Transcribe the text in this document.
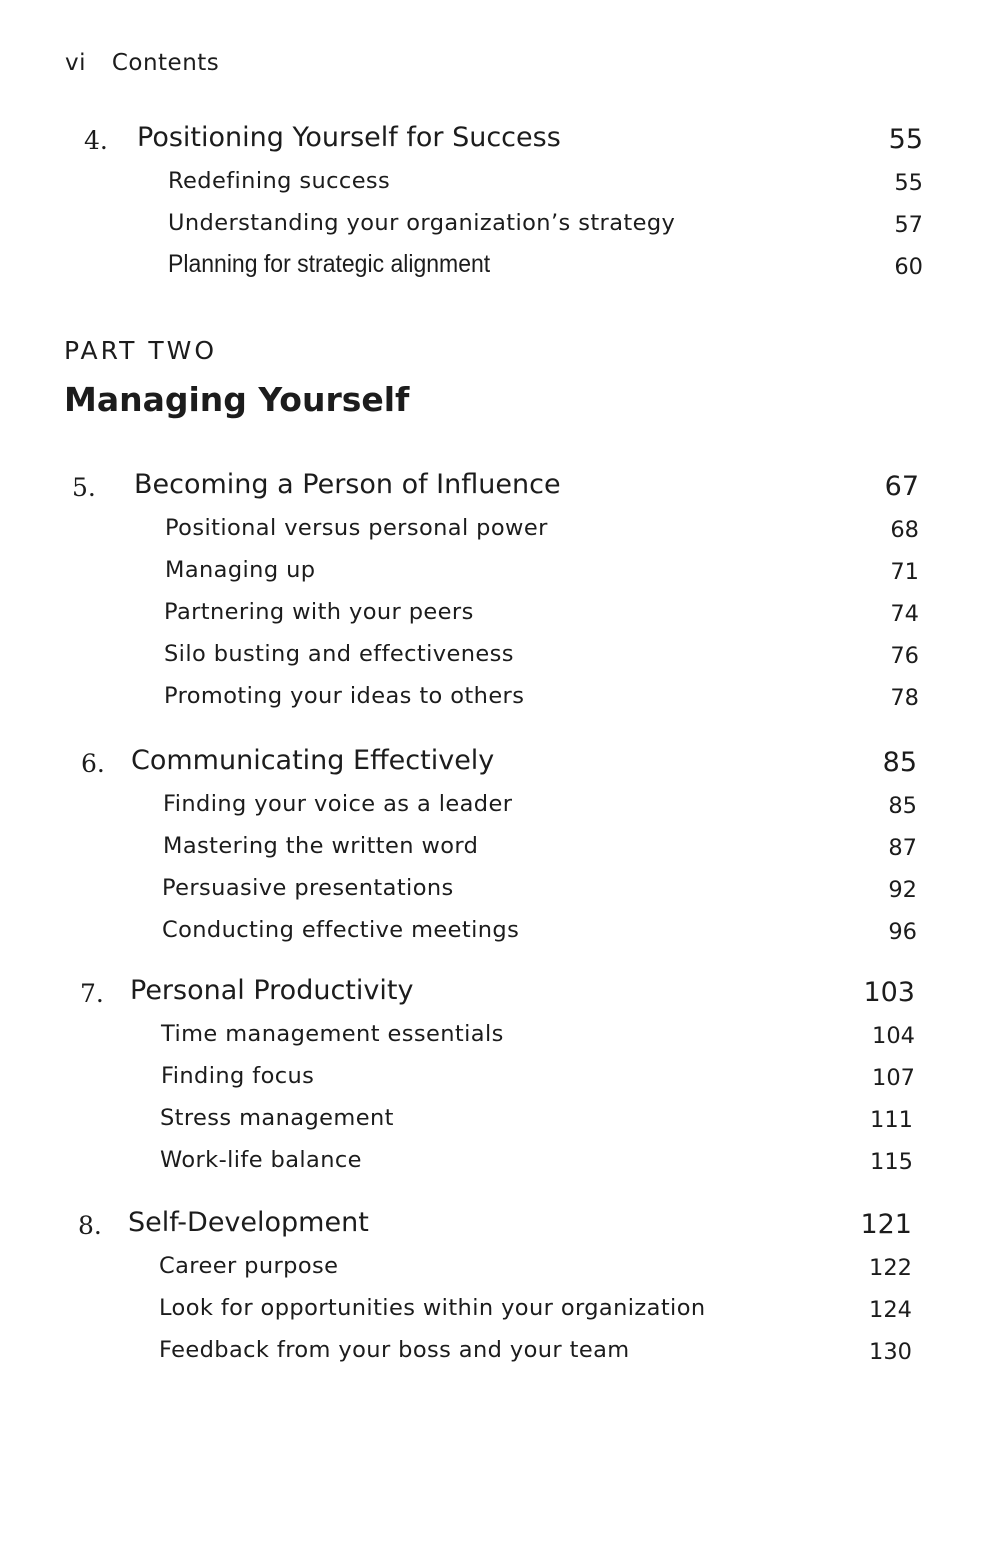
vi Contents
4. Positioning Yourself for Success	55
Redefining success	55
Understanding your organization’s strategy	57
Planning for strategic alignment	60
PART TWO
Managing Yourself
5. Becoming a Person of Influence	67
Positional versus personal power	68
Managing up	71
Partnering with your peers	74
Silo busting and effectiveness	76
Promoting your ideas to others	78
6. Communicating Effectively	85
Finding your voice as a leader	85
Mastering the written word	87
Persuasive presentations	92
Conducting effective meetings	96
7. Personal Productivity	103
Time management essentials	104
Finding focus	107
Stress management	111
Work-life balance	115
8. Self-Development	121
Career purpose	122
Look for opportunities within your organization	124
Feedback from your boss and your team	130
